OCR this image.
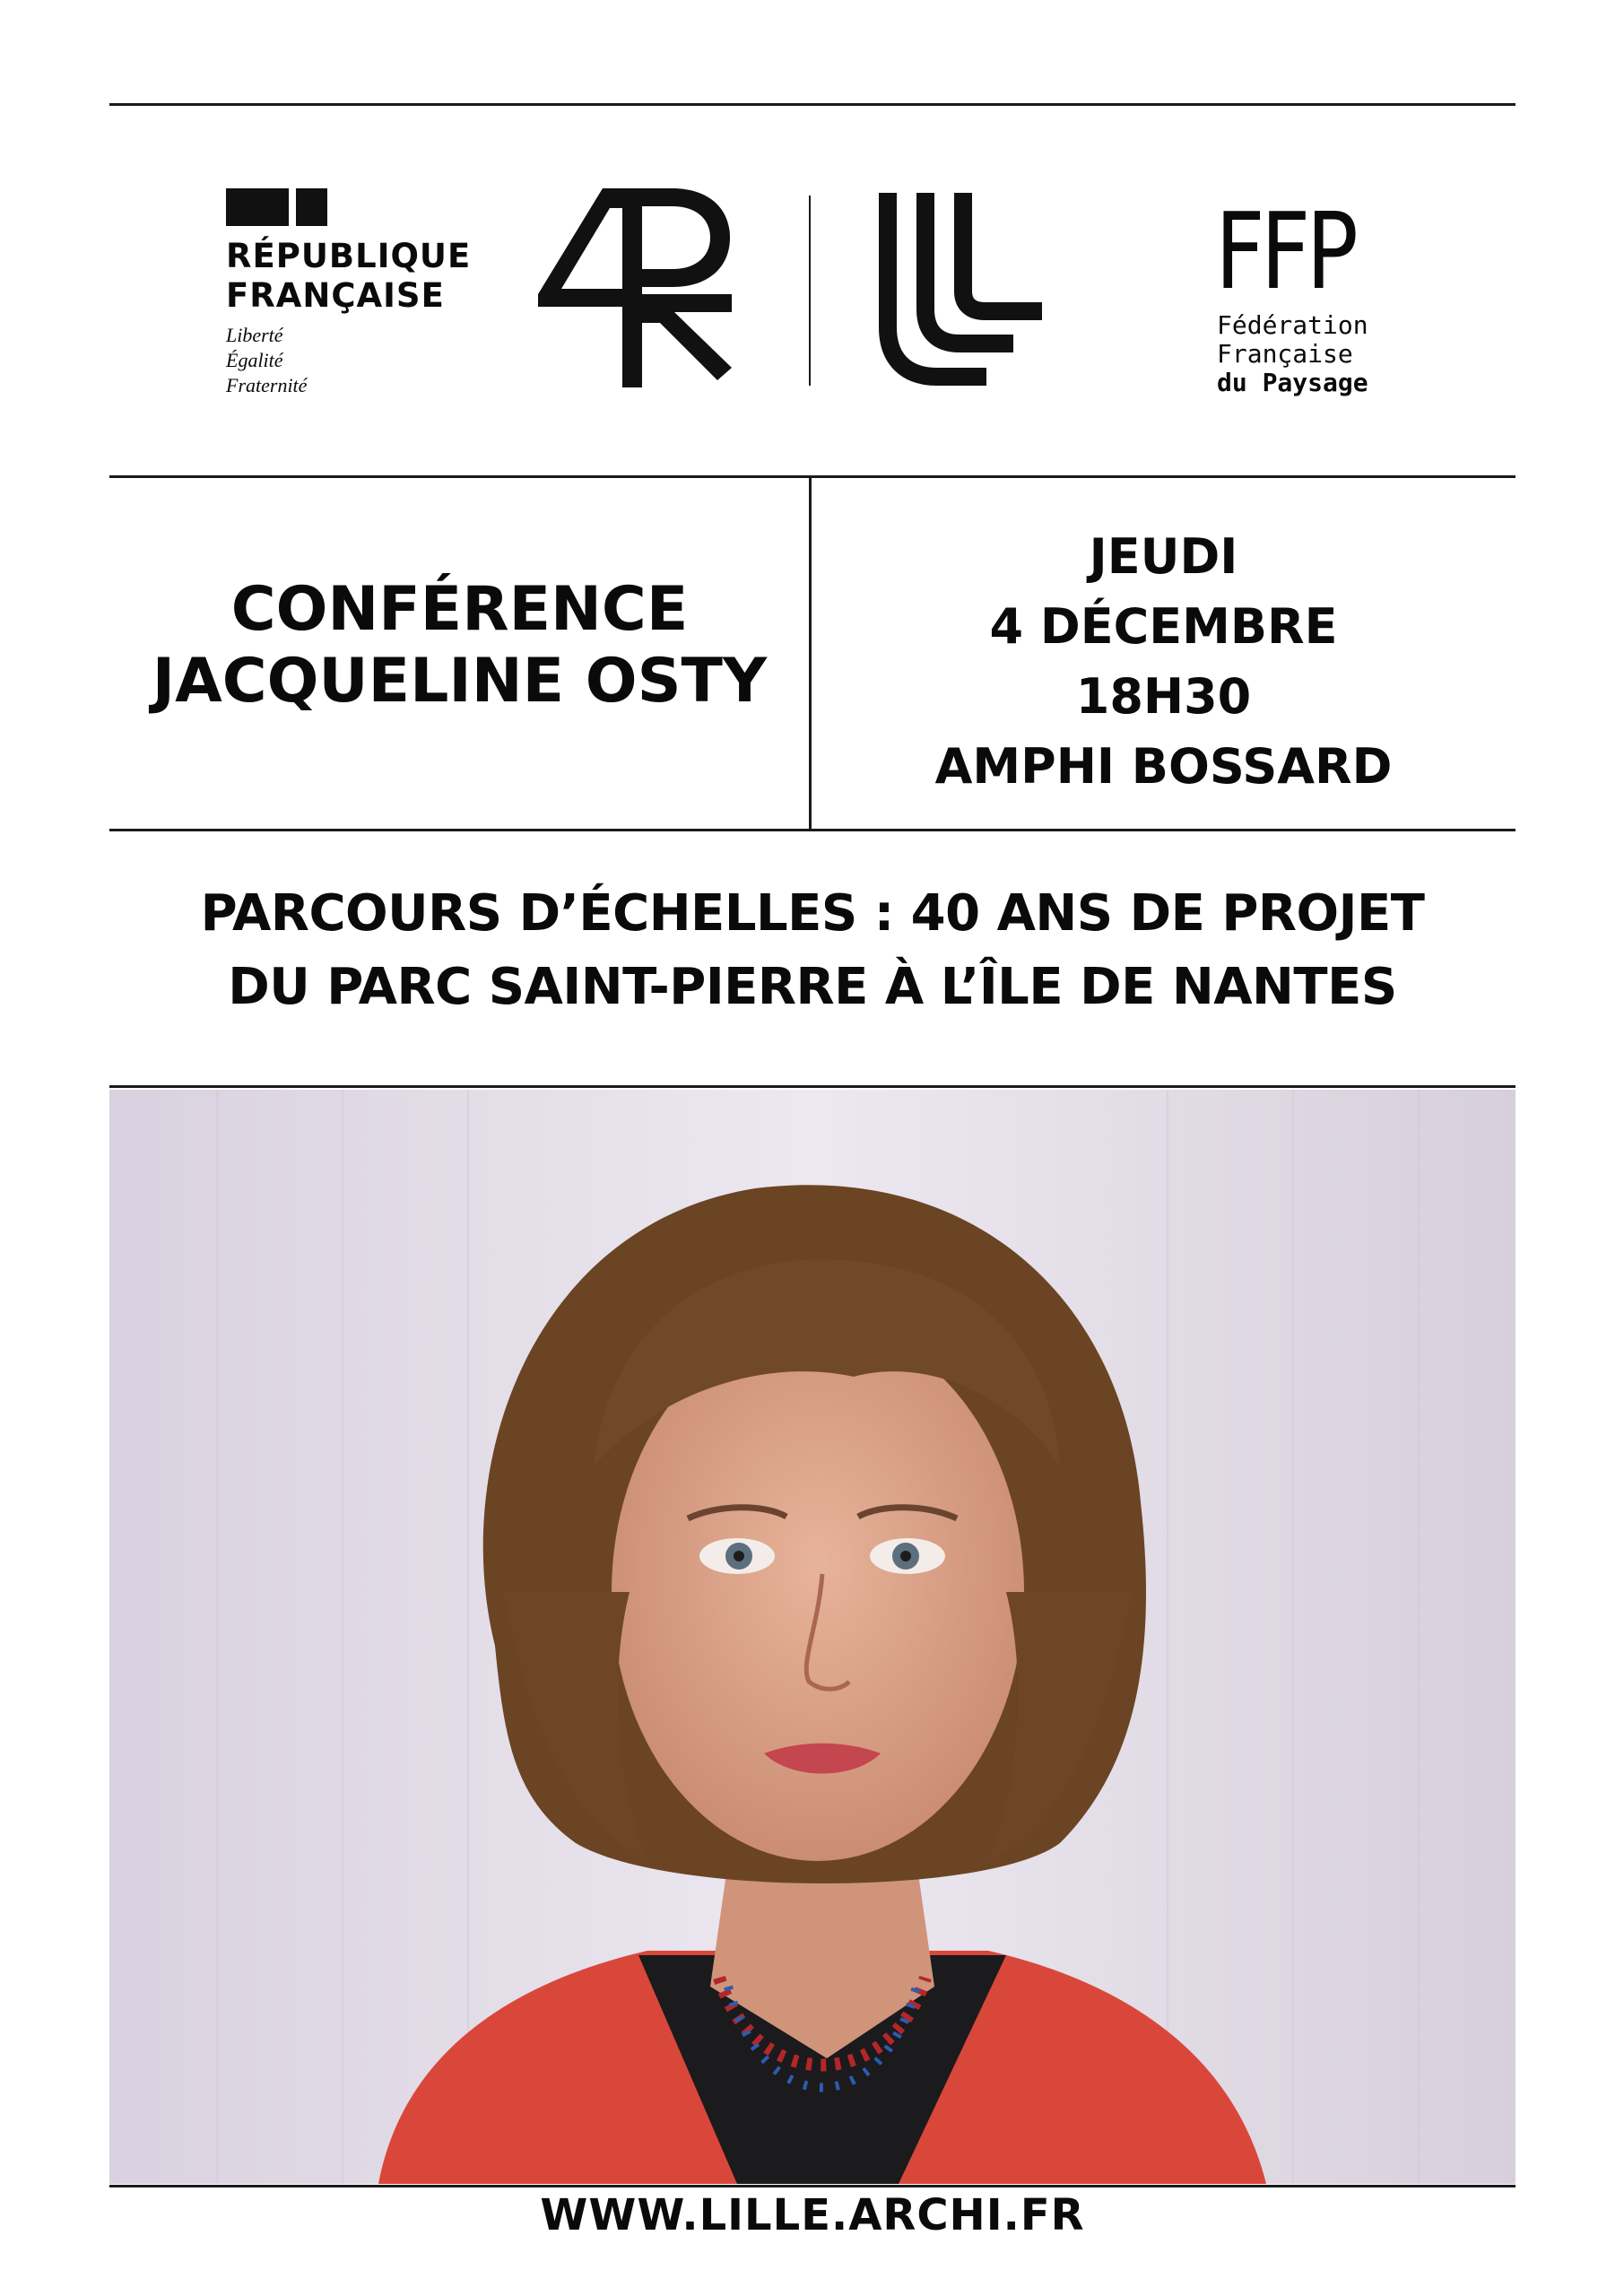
RÉPUBLIQUE
FRANÇAISE
Liberté
Égalité
Fraternité
FFP
Fédération
Française
du Paysage
CONFÉRENCE
JACQUELINE OSTY
JEUDI
4 DÉCEMBRE
18H30
AMPHI BOSSARD
PARCOURS D’ÉCHELLES : 40 ANS DE PROJET
DU PARC SAINT-PIERRE À L’ÎLE DE NANTES
WWW.LILLE.ARCHI.FR
